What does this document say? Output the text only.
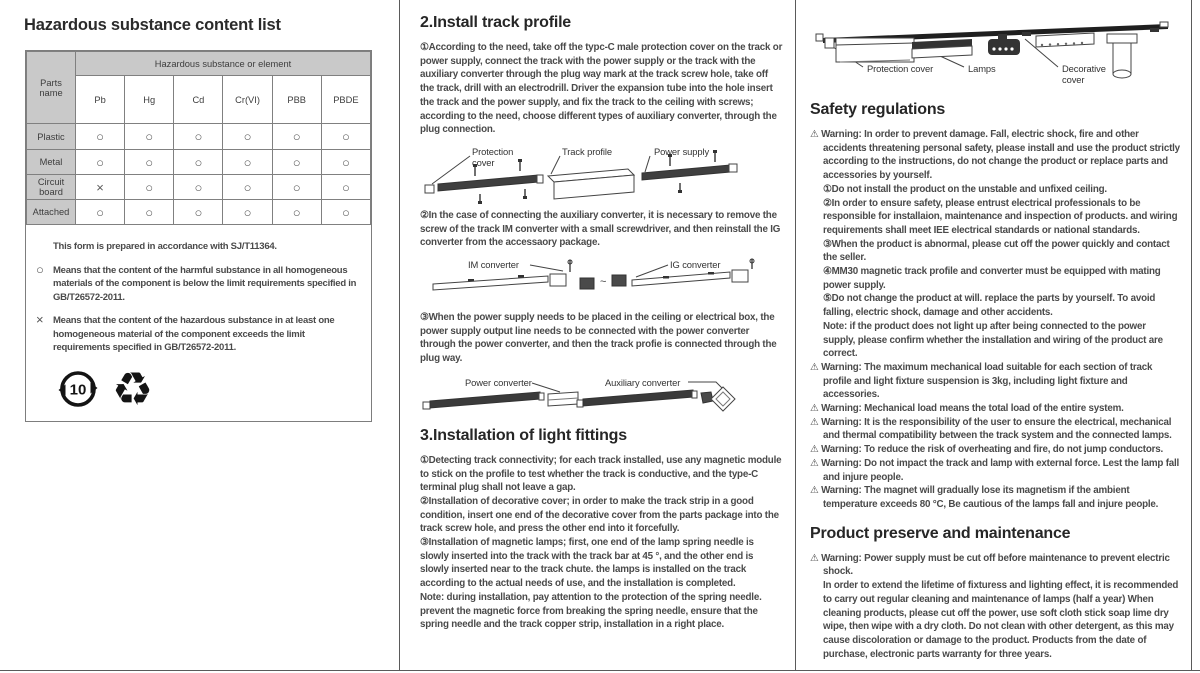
Hazardous substance content list
Parts name	Hazardous substance or element					
	Pb	Hg	Cd	Cr(VI)	PBB	PBDE
Plastic	○	○	○	○	○	○
Metal	○	○	○	○	○	○
Circuit board	×	○	○	○	○	○
Attached	○	○	○	○	○	○
This form is prepared in accordance with SJ/T11364.
○ Means that the content of the harmful substance in all homogeneous materials of the component is below the limit requirements specified in GB/T26572-2011.
× Means that the content of the hazardous substance in at least one homogeneous material of the component exceeds the limit requirements specified in GB/T26572-2011.
10 ♻
2.Install track profile

①According to the need, take off the typc-C male protection cover on the track or power supply, connect the track with the power supply or the track with the auxiliary converter through the plug way mark at the track screw hole, take off the track, drill with an electrodrill. Driver the expansion tube into the hole insert the track and the power supply, and fix the track to the ceiling with screws; according to the need, choose different types of auxiliary converter, through the plug connection.

Protection cover
Track profile	Power supply

②In the case of connecting the auxiliary converter, it is necessary to remove the screw of the track IM converter with a small screwdriver, and then reinstall the IG converter from the accessaory package.

~
IM converter	IG converter

③When the power supply needs to be placed in the ceiling or electrical box, the power supply output line needs to be connected with the power converter through the power converter, and then the track profie is connected through the plug way.

Power converter	Auxiliary converter
3.Installation of light fittings

①Detecting track connectivity; for each track installed, use any magnetic module to stick on the profile to test whether the track is conductive, and the type-C terminal plug shall not leave a gap.

②Installation of decorative cover; in order to make the track strip in a good condition, insert one end of the decorative cover from the parts package into the track screw hole, and press the other end into it forcefully.

③Installation of magnetic lamps; first, one end of the lamp spring needle is slowly inserted into the track with the track bar at 45 °, and the other end is slowly inserted near to the track chute. the lamps is installed on the track according to the actual needs of use, and the installation is completed.

Note: during installation, pay attention to the protection of the spring needle. prevent the magnetic force from breaking the spring needle, ensure that the spring needle and the track copper strip, installation in a right place.

Protection cover	Lamps	Decorative cover
Safety regulations
⚠ Warning: In order to prevent damage. Fall, electric shock, fire and other accidents threatening personal safety, please install and use the product strictly according to the instructions, do not change the product or replace parts and accessories by yourself.
①Do not install the product on the unstable and unfixed ceiling.
②In order to ensure safety, please entrust electrical professionals to be responsible for installaion, maintenance and inspection of products. and wiring requirements shall meet IEE electrical standards or national standards.
③When the product is abnormal, please cut off the power quickly and contact the seller.
④MM30 magnetic track profile and converter must be equipped with mating power supply.
⑤Do not change the product at will. replace the parts by yourself. To avoid falling, electric shock, damage and other accidents.
Note: if the product does not light up after being connected to the power supply, please confirm whether the installation and wiring of the product are correct.
⚠ Warning: The maximum mechanical load suitable for each section of track profile and light fixture suspension is 3kg, including light fixture and accessories.
⚠ Warning: Mechanical load means the total load of the entire system.
⚠ Warning: It is the responsibility of the user to ensure the electrical, mechanical and thermal compatibility between the track system and the connected lamps.
⚠ Warning: To reduce the risk of overheating and fire, do not jump conductors.
⚠ Warning: Do not impact the track and lamp with external force. Lest the lamp fall and injure people.
⚠ Warning: The magnet will gradually lose its magnetism if the ambient temperature exceeds 80 °C, Be cautious of the lamps fall and injure people.
Product preserve and maintenance
⚠ Warning: Power supply must be cut off before maintenance to prevent electric shock.
In order to extend the lifetime of fixturess and lighting effect, it is recommended to carry out regular cleaning and maintenance of lamps (half a year) When cleaning products, please cut off the power, use soft cloth stick soap lime dry wipe, then wipe with a dry cloth. Do not clean with other detergent, as this may cause discoloration or damage to the product. Products from the date of purchase, electronic parts warranty for three years.
